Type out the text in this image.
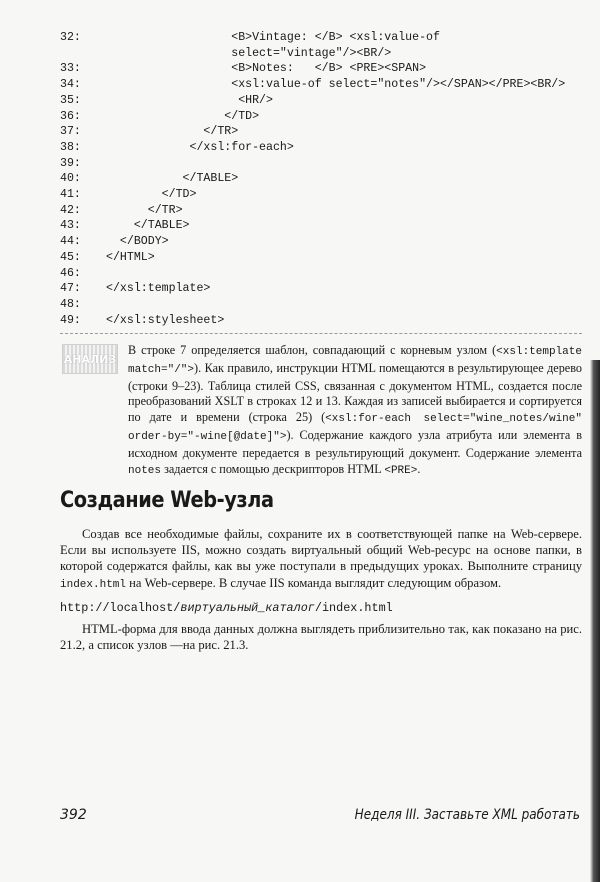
32:	<B>Vintage: </B> <xsl:value-of
select="vintage"/><BR/>
33:	<B>Notes:   </B> <PRE><SPAN>
34:	<xsl:value-of select="notes"/></SPAN></PRE><BR/>
35:	<HR/>
36:	</TD>
37:	</TR>
38:	</xsl:for-each>
39:
40:	</TABLE>
41:	</TD>
42:	</TR>
43:	</TABLE>
44:	</BODY>
45:	</HTML>
46:
47:	</xsl:template>
48:
49:	</xsl:stylesheet>
АНАЛИЗ
В строке 7 определяется шаблон, совпадающий с корневым узлом (<xsl:template match="/">). Как правило, инструкции HTML помещаются в результирующее дерево (строки 9–23). Таблица стилей CSS, связанная с документом HTML, создается после преобразований XSLT в строках 12 и 13. Каждая из записей выбирается и сортируется по дате и времени (строка 25) (<xsl:for-each select="wine_notes/wine" order-by="-wine[@date]">). Содержание каждого узла атрибута или элемента в исходном документе передается в результирующий документ. Содержание элемента notes задается с помощью дескрипторов HTML <PRE>.
Создание Web-узла

Создав все необходимые файлы, сохраните их в соответствующей папке на Web-сервере. Если вы используете IIS, можно создать виртуальный общий Web-ресурс на основе папки, в которой содержатся файлы, как вы уже поступали в предыдущих уроках. Выполните страницу index.html на Web-сервере. В случае IIS команда выглядит следующим образом.

http://localhost/виртуальный_каталог/index.html

HTML-форма для ввода данных должна выглядеть приблизительно так, как показано на рис. 21.2, а список узлов —на рис. 21.3.

392	Неделя III. Заставьте XML работать
